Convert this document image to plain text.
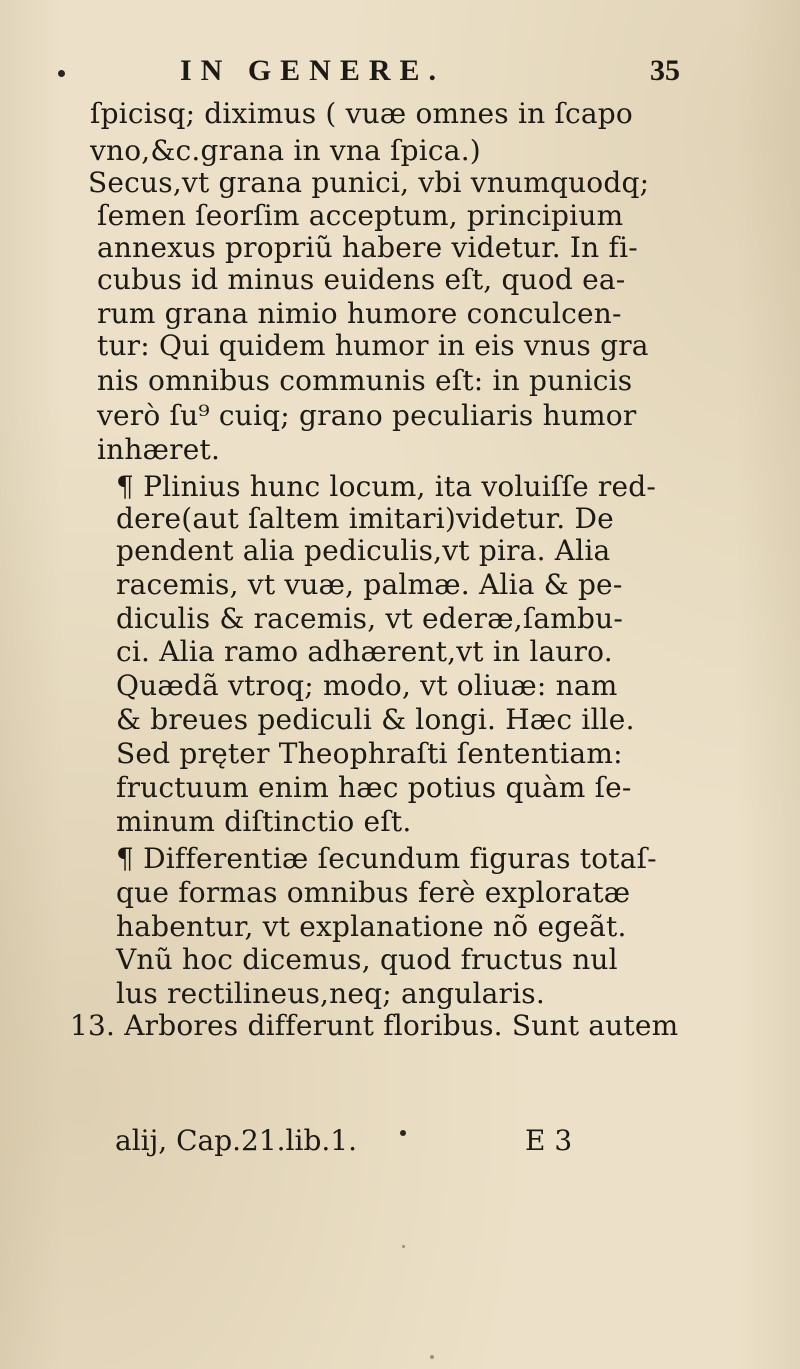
IN GENERE.	35
ſpicisq; diximus ( vuæ omnes in ſcapo
vno,&c.grana in vna ſpica.)
Secus,vt grana punici, vbi vnumquodq;
ſemen ſeorſim acceptum, principium
annexus propriũ habere videtur. In fi-
cubus id minus euidens eſt, quod ea-
rum grana nimio humore conculcen-
tur: Qui quidem humor in eis vnus gra
nis omnibus communis eſt: in punicis
verò ſu⁹ cuiq; grano peculiaris humor
inhæret.
¶ Plinius hunc locum, ita voluiſſe red-
dere(aut ſaltem imitari)videtur. De
pendent alia pediculis,vt pira. Alia
racemis, vt vuæ, palmæ. Alia & pe-
diculis & racemis, vt ederæ,ſambu-
ci. Alia ramo adhærent,vt in lauro.
Quædã vtroq; modo, vt oliuæ: nam
& breues pediculi & longi. Hæc ille.
Sed pręter Theophraſti ſententiam:
fructuum enim hæc potius quàm ſe-
minum diſtinctio eſt.
¶ Differentiæ ſecundum figuras totaſ-
que formas omnibus ferè exploratæ
habentur, vt explanatione nõ egeãt.
Vnũ hoc dicemus, quod fructus nul
lus rectilineus,neq; angularis.
13. Arbores differunt floribus. Sunt autem
alij, Cap.21.lib.1.	E 3
